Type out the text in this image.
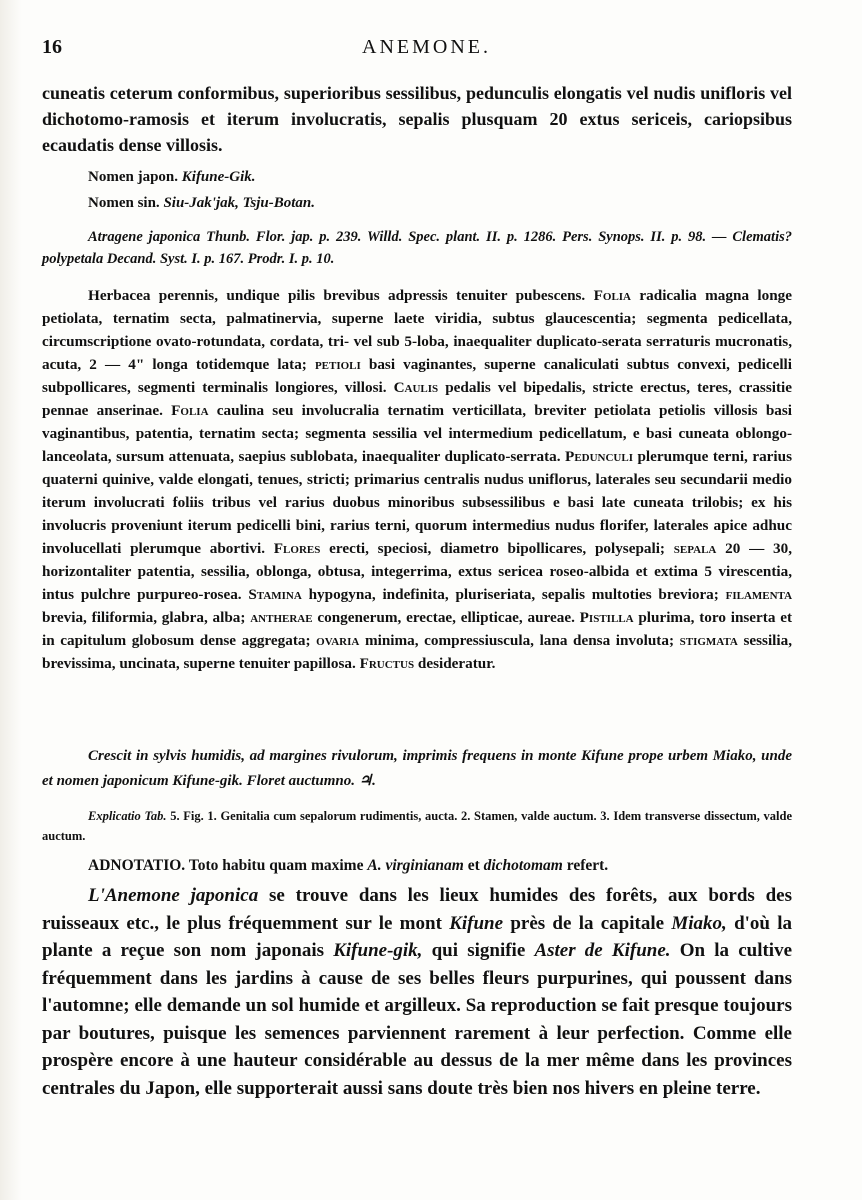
16	ANEMONE.
cuneatis ceterum conformibus, superioribus sessilibus, pedunculis elongatis vel nudis unifloris vel dichotomo-ramosis et iterum involucratis, sepalis plusquam 20 extus sericeis, cariopsibus ecaudatis dense villosis.
Nomen japon. Kifune-Gik.
Nomen sin. Siu-Jak'jak, Tsju-Botan.
Atragene japonica Thunb. Flor. jap. p. 239. Willd. Spec. plant. II. p. 1286. Pers. Synops. II. p. 98. — Clematis? polypetala Decand. Syst. I. p. 167. Prodr. I. p. 10.
Herbacea perennis, undique pilis brevibus adpressis tenuiter pubescens. Folia radicalia magna longe petiolata, ternatim secta, palmatinervia, superne laete viridia, subtus glaucescentia; segmenta pedicellata, circumscriptione ovato-rotundata, cordata, tri- vel sub 5-loba, inaequaliter duplicato-serata serraturis mucronatis, acuta, 2 — 4" longa totidemque lata; petioli basi vaginantes, superne canaliculati subtus convexi, pedicelli subpollicares, segmenti terminalis longiores, villosi. Caulis pedalis vel bipedalis, stricte erectus, teres, crassitie pennae anserinae. Folia caulina seu involucralia ternatim verticillata, breviter petiolata petiolis villosis basi vaginantibus, patentia, ternatim secta; segmenta sessilia vel intermedium pedicellatum, e basi cuneata oblongo-lanceolata, sursum attenuata, saepius sublobata, inaequaliter duplicato-serrata. Pedunculi plerumque terni, rarius quaterni quinive, valde elongati, tenues, stricti; primarius centralis nudus uniflorus, laterales seu secundarii medio iterum involucrati foliis tribus vel rarius duobus minoribus subsessilibus e basi late cuneata trilobis; ex his involucris proveniunt iterum pedicelli bini, rarius terni, quorum intermedius nudus florifer, laterales apice adhuc involucellati plerumque abortivi. Flores erecti, speciosi, diametro bipollicares, polysepali; sepala 20 — 30, horizontaliter patentia, sessilia, oblonga, obtusa, integerrima, extus sericea roseo-albida et extima 5 virescentia, intus pulchre purpureo-rosea. Stamina hypogyna, indefinita, pluriseriata, sepalis multoties breviora; filamenta brevia, filiformia, glabra, alba; antherae congenerum, erectae, ellipticae, aureae. Pistilla plurima, toro inserta et in capitulum globosum dense aggregata; ovaria minima, compressiuscula, lana densa involuta; stigmata sessilia, brevissima, uncinata, superne tenuiter papillosa. Fructus desideratur.
Crescit in sylvis humidis, ad margines rivulorum, imprimis frequens in monte Kifune prope urbem Miako, unde et nomen japonicum Kifune-gik. Floret auctumno. ♃.
Explicatio Tab. 5. Fig. 1. Genitalia cum sepalorum rudimentis, aucta. 2. Stamen, valde auctum. 3. Idem transverse dissectum, valde auctum.
ADNOTATIO. Toto habitu quam maxime A. virginianam et dichotomam refert.
L'Anemone japonica se trouve dans les lieux humides des forêts, aux bords des ruisseaux etc., le plus fréquemment sur le mont Kifune près de la capitale Miako, d'où la plante a reçue son nom japonais Kifune-gik, qui signifie Aster de Kifune. On la cultive fréquemment dans les jardins à cause de ses belles fleurs purpurines, qui poussent dans l'automne; elle demande un sol humide et argilleux. Sa reproduction se fait presque toujours par boutures, puisque les semences parviennent rarement à leur perfection. Comme elle prospère encore à une hauteur considérable au dessus de la mer même dans les provinces centrales du Japon, elle supporterait aussi sans doute très bien nos hivers en pleine terre.
